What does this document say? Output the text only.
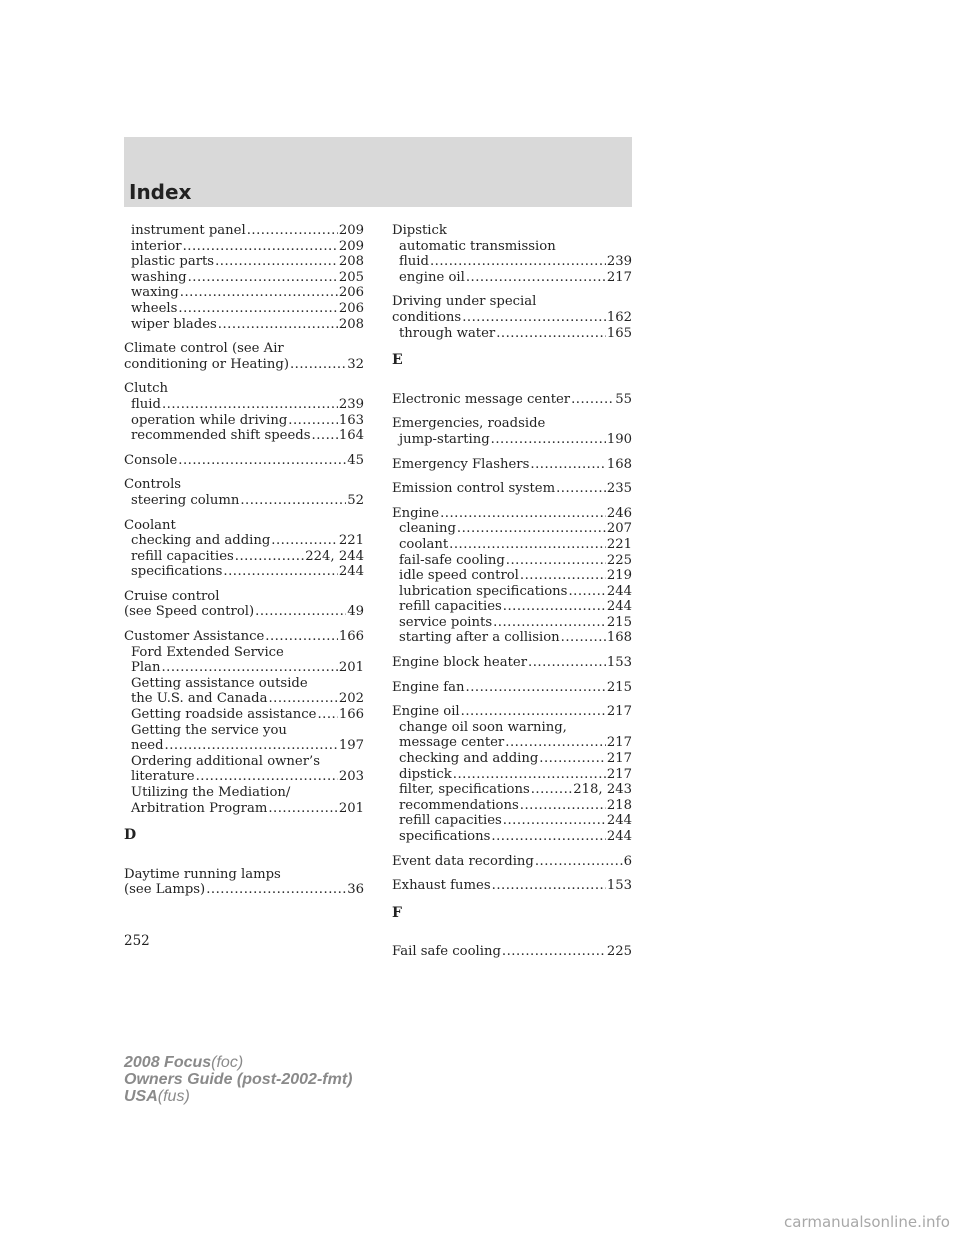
Index
instrument panel .....	209
interior .....	209
plastic parts .....	208
washing .....	205
waxing .....	206
wheels .....	206
wiper blades .....	208
Climate control (see Air
conditioning or Heating) .....	32
Clutch
fluid .....	239
operation while driving .....	163
recommended shift speeds ..... 164
Console .....	45
Controls
steering column .....	52
Coolant
checking and adding .....	221
refill capacities .....	224, 244
specifications .....	244
Cruise control
(see Speed control) .....	49
Customer Assistance .....	166
Ford Extended Service
Plan .....	201
Getting assistance outside
the U.S. and Canada .....	202
Getting roadside assistance ..... 166
Getting the service you
need .....	197
Ordering additional owner’s
literature .....	203
Utilizing the Mediation/
Arbitration Program .....	201
D
Daytime running lamps
(see Lamps) .....	36
Dipstick
automatic transmission
fluid .....	239
engine oil .....	217
Driving under special
conditions .....	162
through water .....	165
E
Electronic message center .....	55
Emergencies, roadside
jump-starting .....	190
Emergency Flashers .....	168
Emission control system .....	235
Engine .....	246
cleaning .....	207
coolant .....	221
fail-safe cooling .....	225
idle speed control .....	219
lubrication specifications .....	244
refill capacities .....	244
service points .....	215
starting after a collision .....	168
Engine block heater .....	153
Engine fan .....	215
Engine oil .....	217
change oil soon warning,
message center .....	217
checking and adding .....	217
dipstick .....	217
filter, specifications .....	218, 243
recommendations .....	218
refill capacities .....	244
specifications .....	244
Event data recording .....	6
Exhaust fumes .....	153
F
Fail safe cooling .....	225
252
2008 Focus(foc)
Owners Guide (post-2002-fmt)
USA(fus)
carmanualsonline.info
